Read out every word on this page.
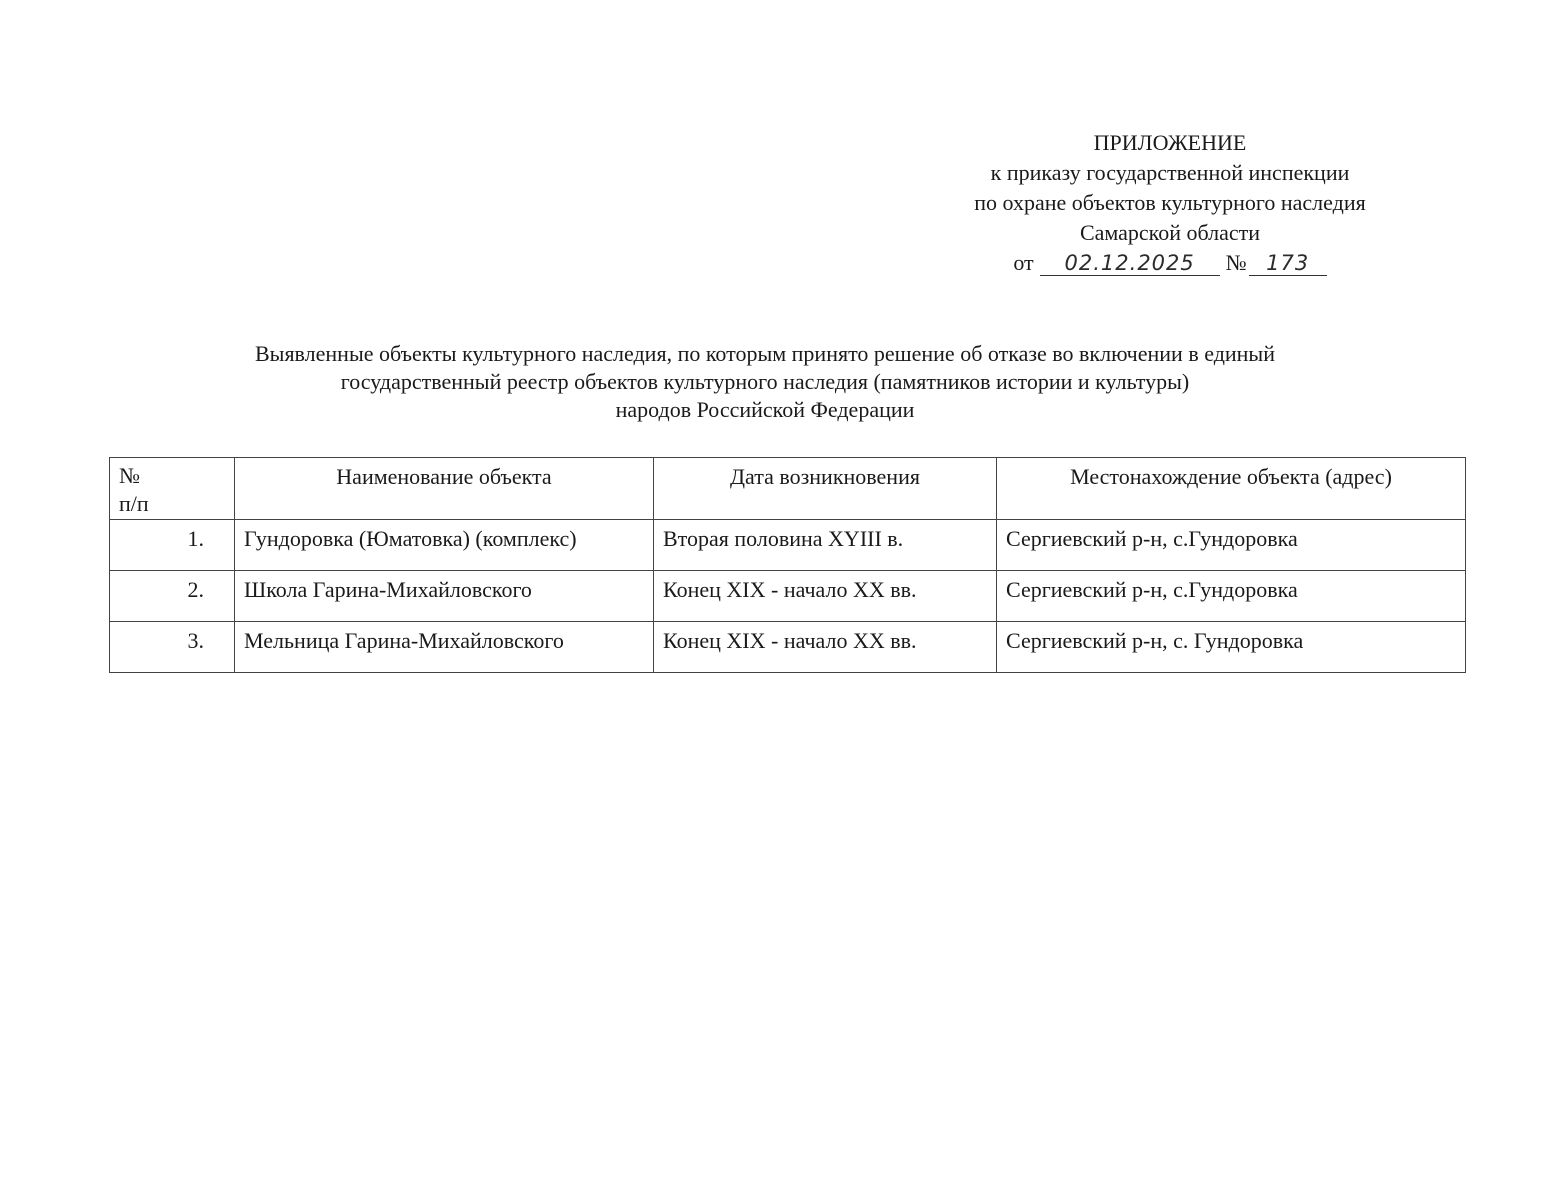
ПРИЛОЖЕНИЕ
к приказу государственной инспекции
по охране объектов культурного наследия
Самарской области
от 02.12.2025 № 173
Выявленные объекты культурного наследия, по которым принято решение об отказе во включении в единый
государственный реестр объектов культурного наследия (памятников истории и культуры)
народов Российской Федерации
№ п/п	Наименование объекта	Дата возникновения	Местонахождение объекта (адрес)
1.	Гундоровка (Юматовка) (комплекс)	Вторая половина XYIII в.	Сергиевский р-н, с.Гундоровка
2.	Школа Гарина-Михайловского	Конец XIX - начало XX вв.	Сергиевский р-н, с.Гундоровка
3.	Мельница Гарина-Михайловского	Конец XIX - начало XX вв.	Сергиевский р-н, с. Гундоровка
